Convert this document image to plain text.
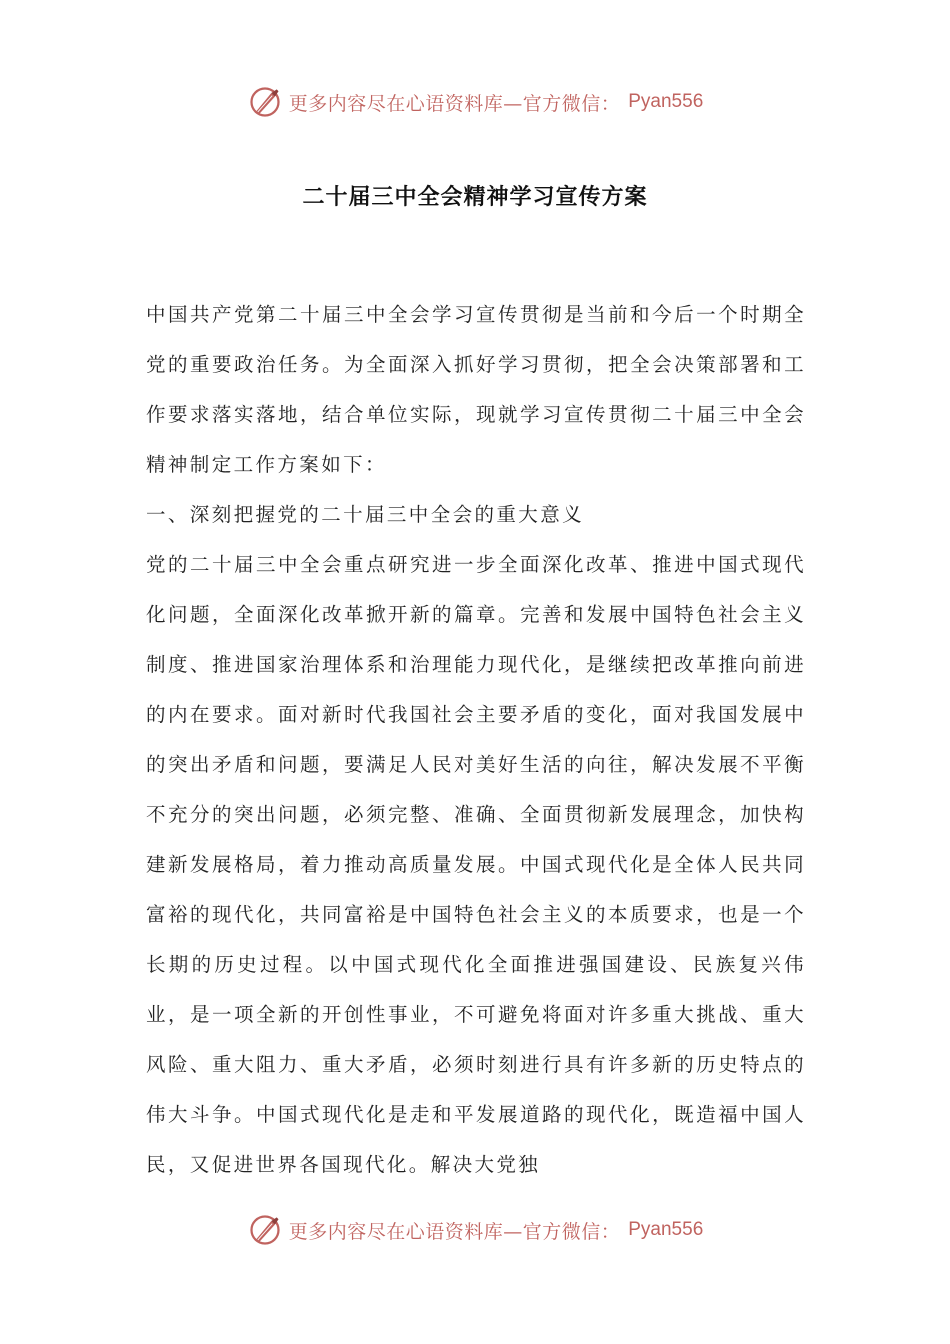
更多内容尽在心语资料库—官方微信： Pyan556
二十届三中全会精神学习宣传方案

中国共产党第二十届三中全会学习宣传贯彻是当前和今后一个时期全党的重要政治任务。为全面深入抓好学习贯彻，把全会决策部署和工作要求落实落地，结合单位实际，现就学习宣传贯彻二十届三中全会精神制定工作方案如下：

一、深刻把握党的二十届三中全会的重大意义

党的二十届三中全会重点研究进一步全面深化改革、推进中国式现代化问题，全面深化改革掀开新的篇章。完善和发展中国特色社会主义制度、推进国家治理体系和治理能力现代化，是继续把改革推向前进的内在要求。面对新时代我国社会主要矛盾的变化，面对我国发展中的突出矛盾和问题，要满足人民对美好生活的向往，解决发展不平衡不充分的突出问题，必须完整、准确、全面贯彻新发展理念，加快构建新发展格局，着力推动高质量发展。中国式现代化是全体人民共同富裕的现代化，共同富裕是中国特色社会主义的本质要求，也是一个长期的历史过程。以中国式现代化全面推进强国建设、民族复兴伟业，是一项全新的开创性事业，不可避免将面对许多重大挑战、重大风险、重大阻力、重大矛盾，必须时刻进行具有许多新的历史特点的伟大斗争。中国式现代化是走和平发展道路的现代化，既造福中国人民，又促进世界各国现代化。解决大党独

更多内容尽在心语资料库—官方微信： Pyan556
